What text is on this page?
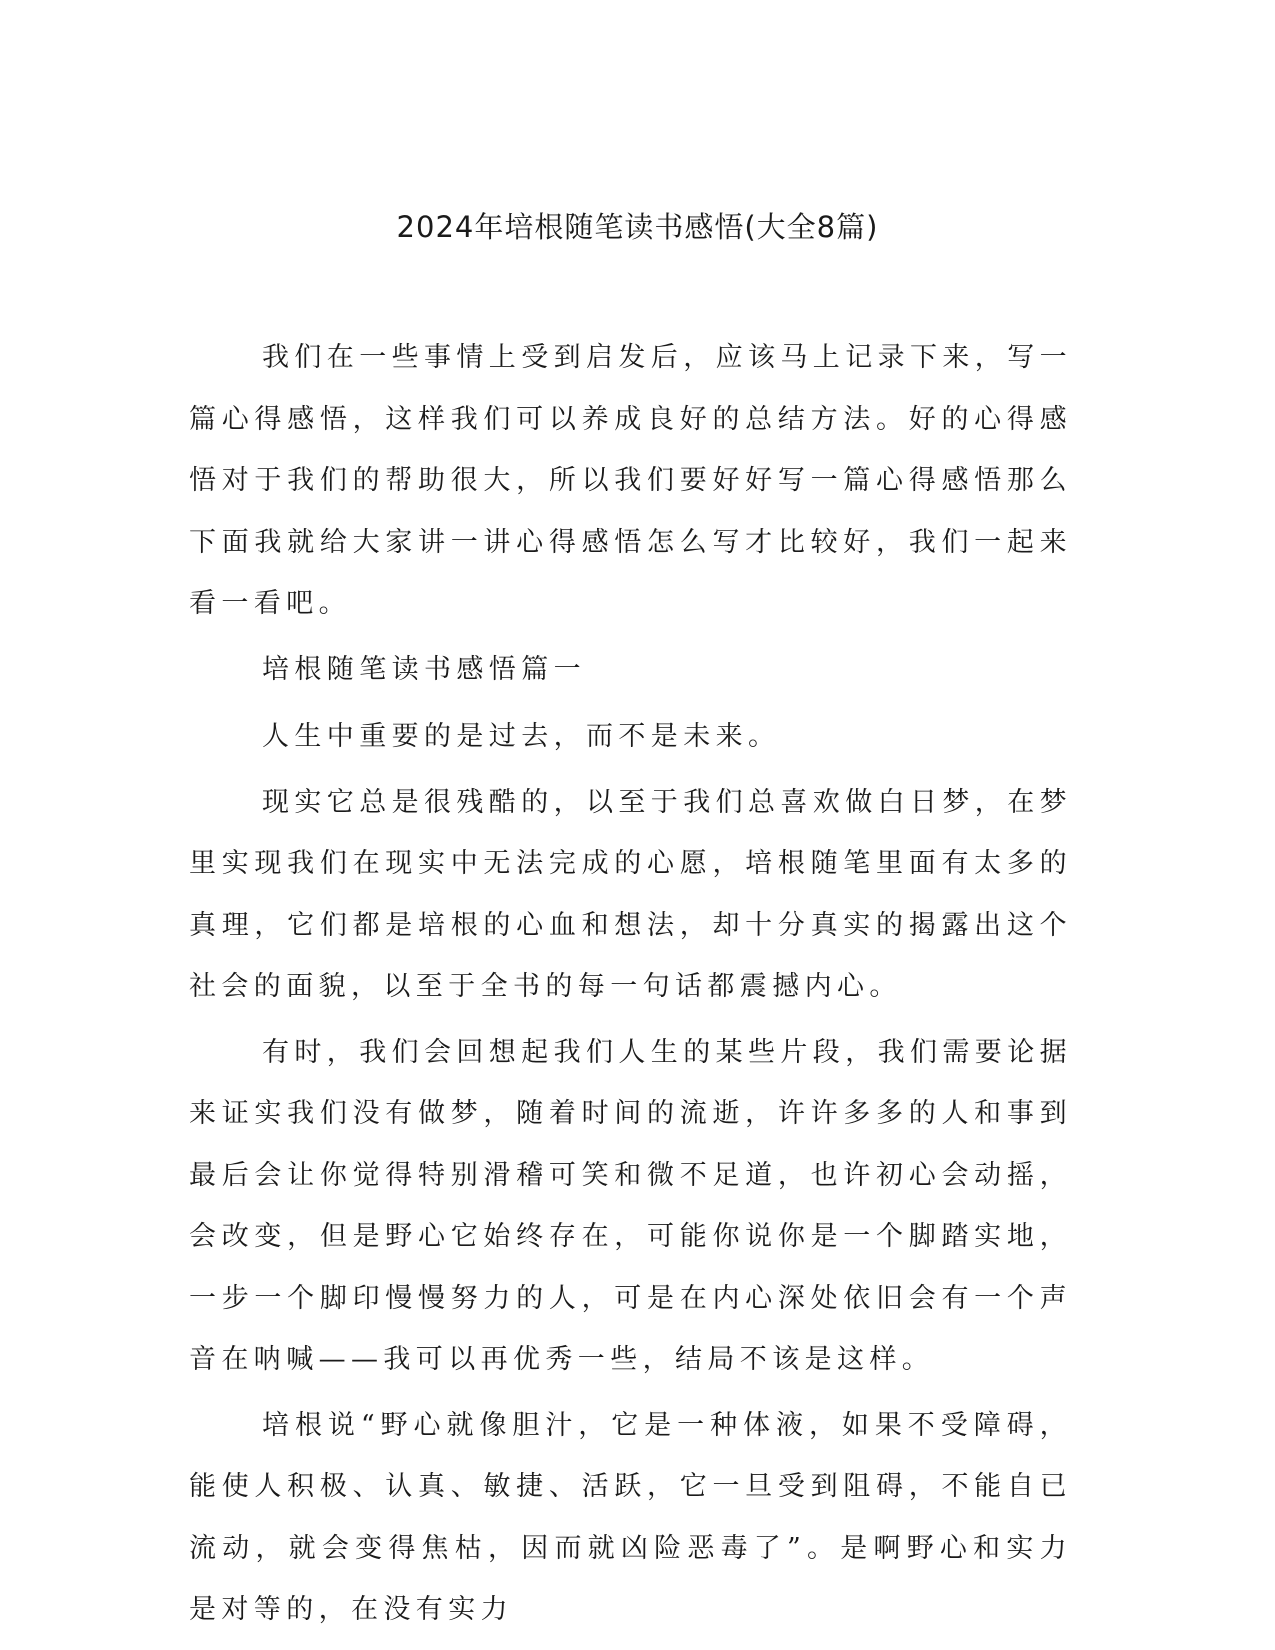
2024年培根随笔读书感悟(大全8篇)

我们在一些事情上受到启发后，应该马上记录下来，写一篇心得感悟，这样我们可以养成良好的总结方法。好的心得感悟对于我们的帮助很大，所以我们要好好写一篇心得感悟那么下面我就给大家讲一讲心得感悟怎么写才比较好，我们一起来看一看吧。

培根随笔读书感悟篇一

人生中重要的是过去，而不是未来。

现实它总是很残酷的，以至于我们总喜欢做白日梦，在梦里实现我们在现实中无法完成的心愿，培根随笔里面有太多的真理，它们都是培根的心血和想法，却十分真实的揭露出这个社会的面貌，以至于全书的每一句话都震撼内心。

有时，我们会回想起我们人生的某些片段，我们需要论据来证实我们没有做梦，随着时间的流逝，许许多多的人和事到最后会让你觉得特别滑稽可笑和微不足道，也许初心会动摇，会改变，但是野心它始终存在，可能你说你是一个脚踏实地，一步一个脚印慢慢努力的人，可是在内心深处依旧会有一个声音在呐喊——我可以再优秀一些，结局不该是这样。

培根说“野心就像胆汁，它是一种体液，如果不受障碍，能使人积极、认真、敏捷、活跃，它一旦受到阻碍，不能自已流动，就会变得焦枯，因而就凶险恶毒了”。是啊野心和实力是对等的，在没有实力
